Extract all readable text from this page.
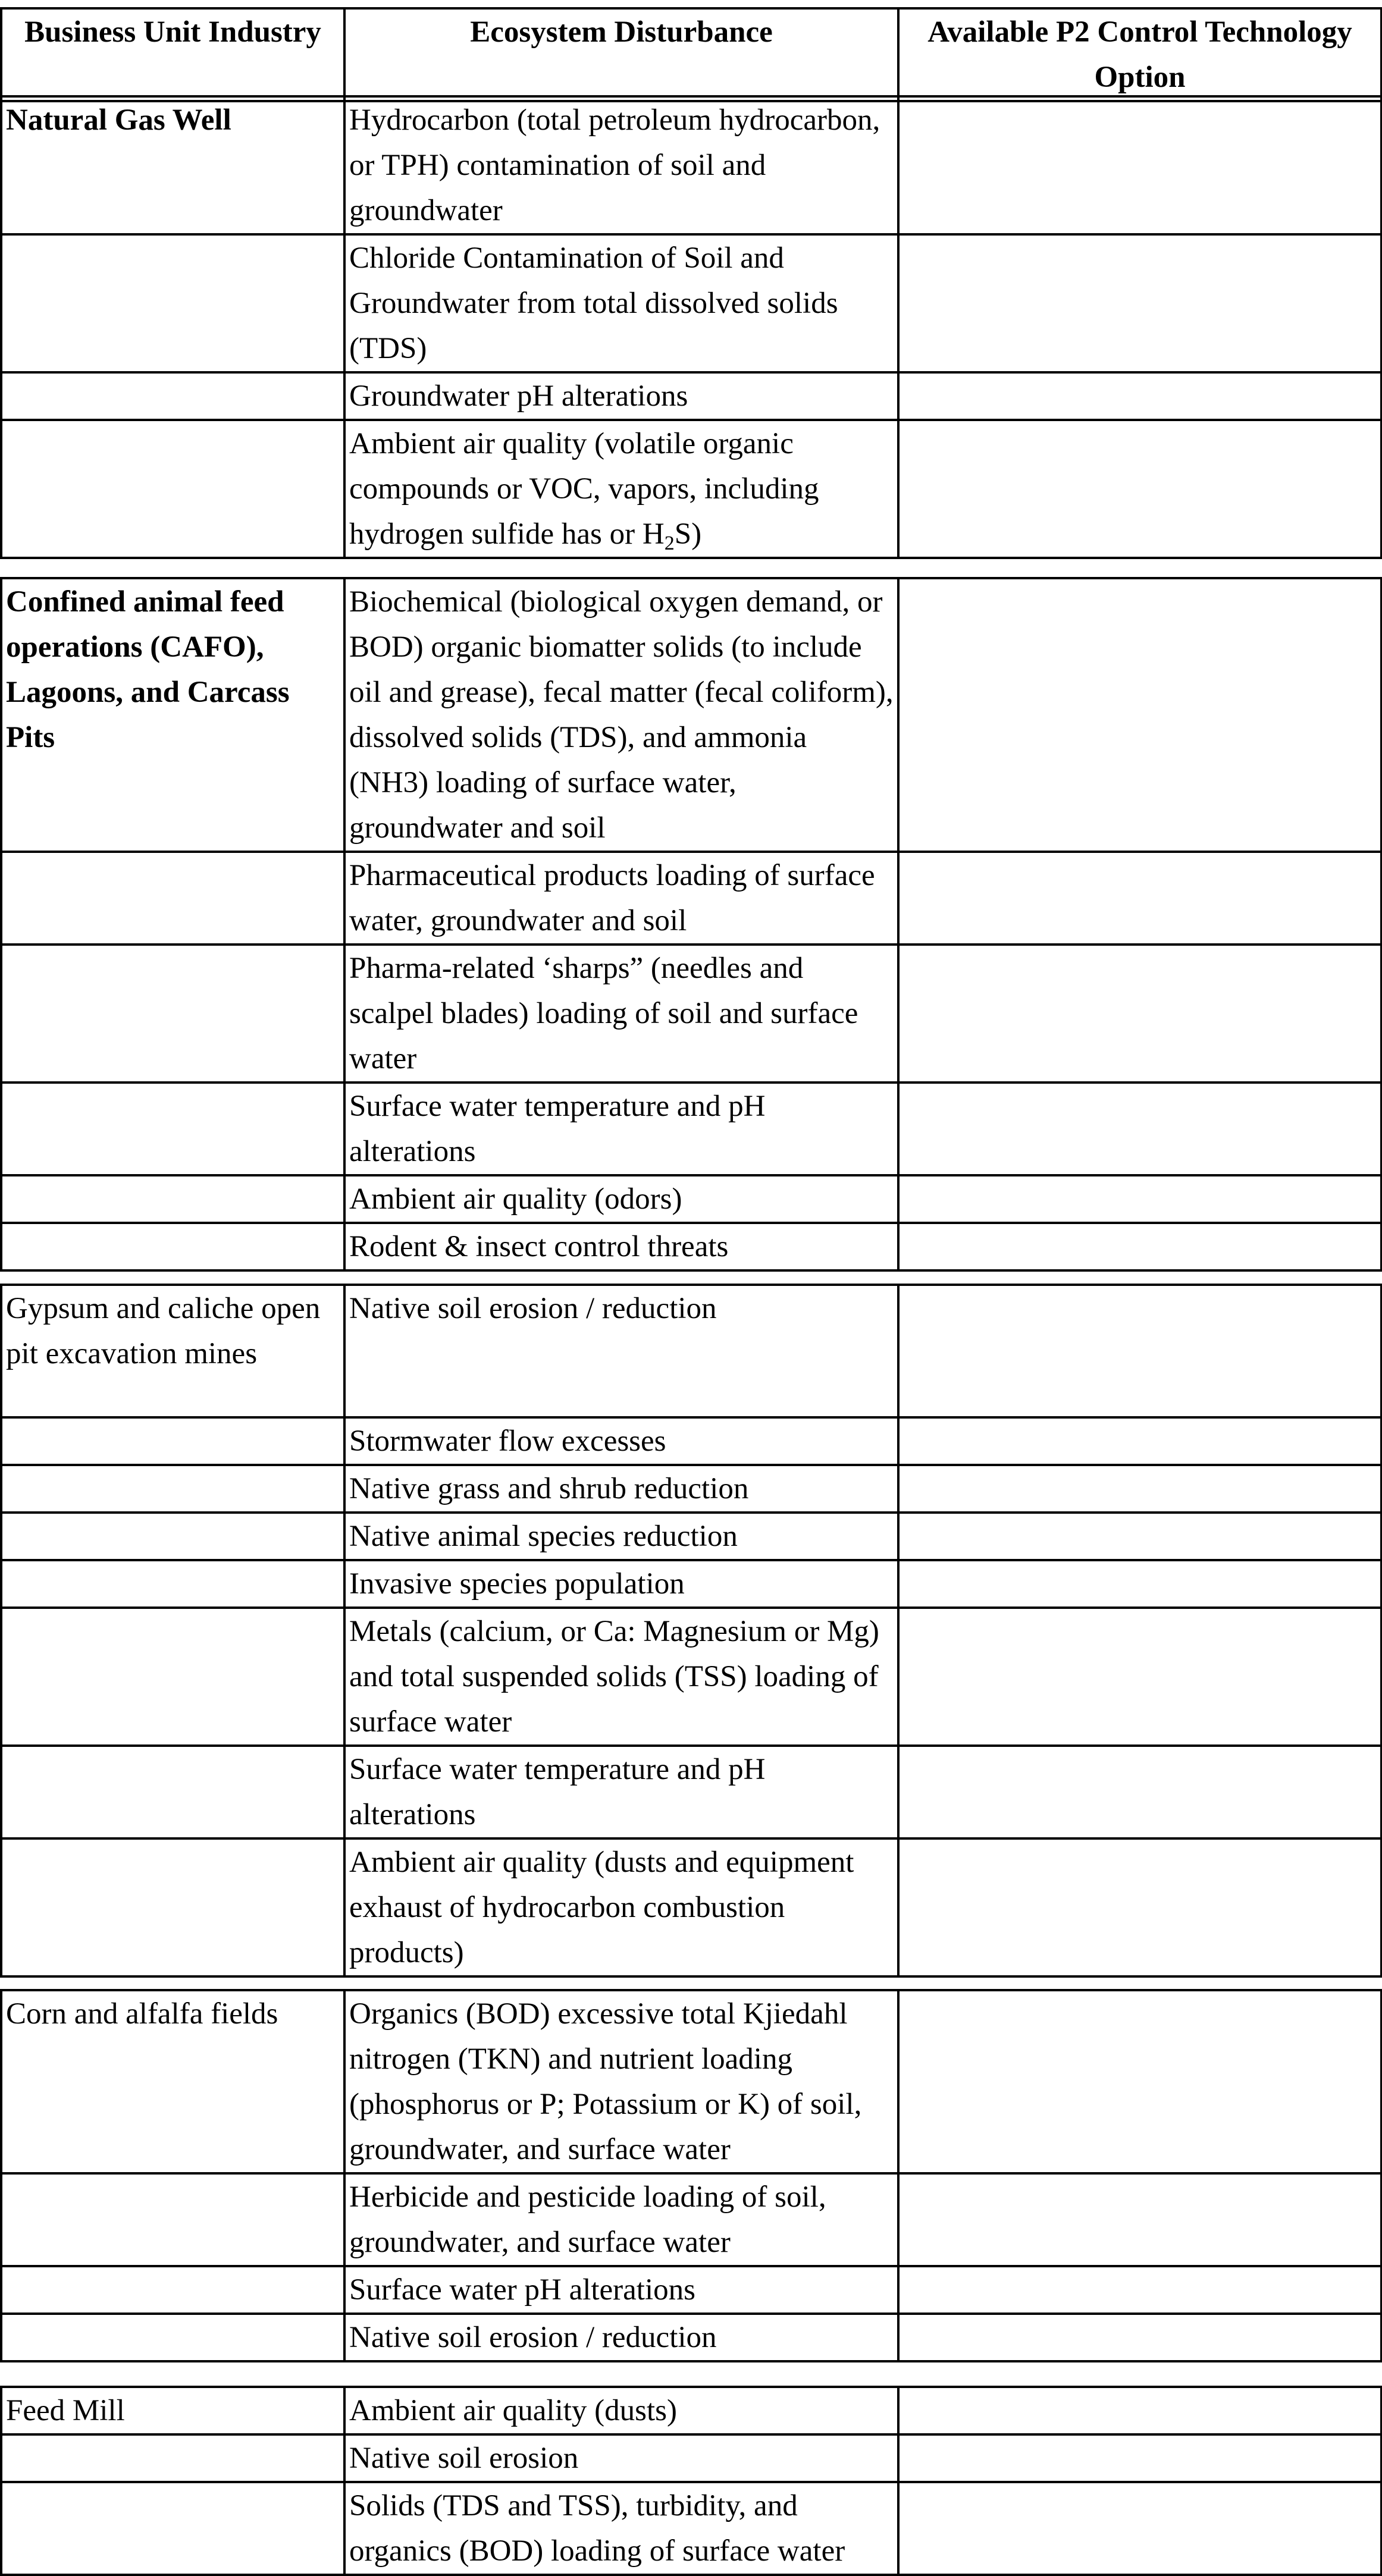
Business Unit Industry	Ecosystem Disturbance	Available P2 Control Technology Option
Natural Gas Well	Hydrocarbon (total petroleum hydrocarbon, or TPH) contamination of soil and groundwater	
	Chloride Contamination of Soil and Groundwater from total dissolved solids (TDS)	
	Groundwater pH alterations	
	Ambient air quality (volatile organic compounds or VOC, vapors, including hydrogen sulfide has or $H_2S$)	
Confined animal feed operations (CAFO), Lagoons, and Carcass Pits	Biochemical (biological oxygen demand, or BOD) organic biomatter solids (to include oil and grease), fecal matter (fecal coliform), dissolved solids (TDS), and ammonia (NH3) loading of surface water, groundwater and soil	
	Pharmaceutical products loading of surface water, groundwater and soil	
	Pharma-related ‘sharps” (needles and scalpel blades) loading of soil and surface water	
	Surface water temperature and pH alterations	
	Ambient air quality (odors)	
	Rodent & insect control threats	
Gypsum and caliche open pit excavation mines	Native soil erosion / reduction	
	Stormwater flow excesses	
	Native grass and shrub reduction	
	Native animal species reduction	
	Invasive species population	
	Metals (calcium, or Ca: Magnesium or Mg) and total suspended solids (TSS) loading of surface water	
	Surface water temperature and pH alterations	
	Ambient air quality (dusts and equipment exhaust of hydrocarbon combustion products)	
Corn and alfalfa fields	Organics (BOD) excessive total Kjiedahl nitrogen (TKN) and nutrient loading (phosphorus or P; Potassium or K) of soil, groundwater, and surface water	
	Herbicide and pesticide loading of soil, groundwater, and surface water	
	Surface water pH alterations	
	Native soil erosion / reduction	
Feed Mill	Ambient air quality (dusts)	
	Native soil erosion	
	Solids (TDS and TSS), turbidity, and organics (BOD) loading of surface water	
